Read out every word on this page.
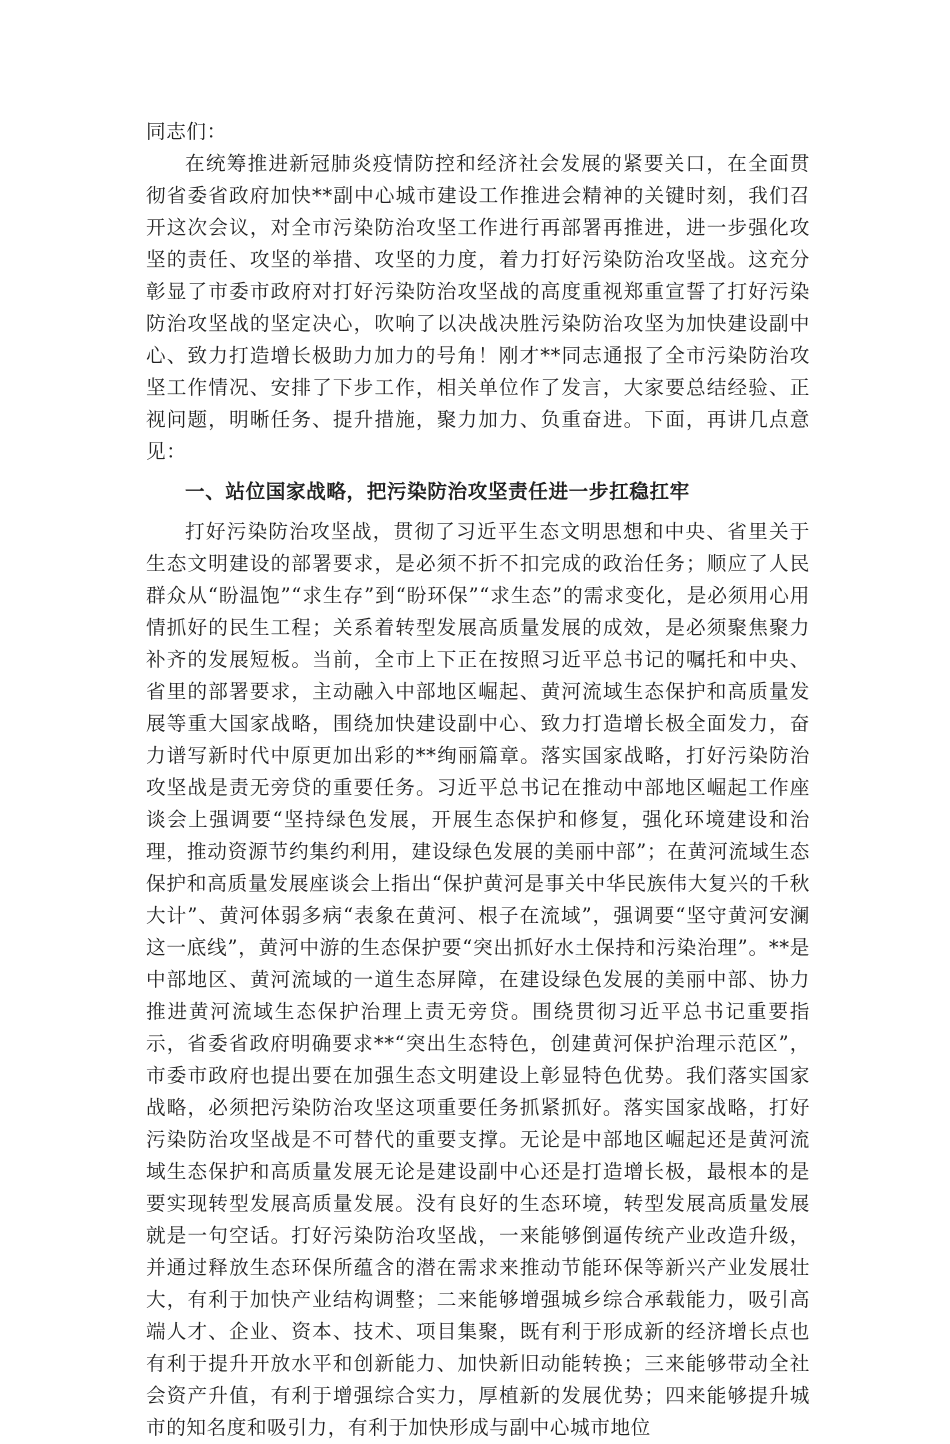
同志们：

在统筹推进新冠肺炎疫情防控和经济社会发展的紧要关口，在全面贯彻省委省政府加快**副中心城市建设工作推进会精神的关键时刻，我们召开这次会议，对全市污染防治攻坚工作进行再部署再推进，进一步强化攻坚的责任、攻坚的举措、攻坚的力度，着力打好污染防治攻坚战。这充分彰显了市委市政府对打好污染防治攻坚战的高度重视郑重宣誓了打好污染防治攻坚战的坚定决心，吹响了以决战决胜污染防治攻坚为加快建设副中心、致力打造增长极助力加力的号角！刚才**同志通报了全市污染防治攻坚工作情况、安排了下步工作，相关单位作了发言，大家要总结经验、正视问题，明晰任务、提升措施，聚力加力、负重奋进。下面，再讲几点意见：

一、站位国家战略，把污染防治攻坚责任进一步扛稳扛牢

打好污染防治攻坚战，贯彻了习近平生态文明思想和中央、省里关于生态文明建设的部署要求，是必须不折不扣完成的政治任务；顺应了人民群众从“盼温饱”“求生存”到“盼环保”“求生态”的需求变化，是必须用心用情抓好的民生工程；关系着转型发展高质量发展的成效，是必须聚焦聚力补齐的发展短板。当前，全市上下正在按照习近平总书记的嘱托和中央、省里的部署要求，主动融入中部地区崛起、黄河流域生态保护和高质量发展等重大国家战略，围绕加快建设副中心、致力打造增长极全面发力，奋力谱写新时代中原更加出彩的**绚丽篇章。落实国家战略，打好污染防治攻坚战是责无旁贷的重要任务。习近平总书记在推动中部地区崛起工作座谈会上强调要“坚持绿色发展，开展生态保护和修复，强化环境建设和治理，推动资源节约集约利用，建设绿色发展的美丽中部”；在黄河流域生态保护和高质量发展座谈会上指出“保护黄河是事关中华民族伟大复兴的千秋大计”、黄河体弱多病“表象在黄河、根子在流域”，强调要“坚守黄河安澜这一底线”，黄河中游的生态保护要“突出抓好水土保持和污染治理”。**是中部地区、黄河流域的一道生态屏障，在建设绿色发展的美丽中部、协力推进黄河流域生态保护治理上责无旁贷。围绕贯彻习近平总书记重要指示，省委省政府明确要求**“突出生态特色，创建黄河保护治理示范区”，市委市政府也提出要在加强生态文明建设上彰显特色优势。我们落实国家战略，必须把污染防治攻坚这项重要任务抓紧抓好。落实国家战略，打好污染防治攻坚战是不可替代的重要支撑。无论是中部地区崛起还是黄河流域生态保护和高质量发展无论是建设副中心还是打造增长极，最根本的是要实现转型发展高质量发展。没有良好的生态环境，转型发展高质量发展就是一句空话。打好污染防治攻坚战，一来能够倒逼传统产业改造升级，并通过释放生态环保所蕴含的潜在需求来推动节能环保等新兴产业发展壮大，有利于加快产业结构调整；二来能够增强城乡综合承载能力，吸引高端人才、企业、资本、技术、项目集聚，既有利于形成新的经济增长点也有利于提升开放水平和创新能力、加快新旧动能转换；三来能够带动全社会资产升值，有利于增强综合实力，厚植新的发展优势；四来能够提升城市的知名度和吸引力，有利于加快形成与副中心城市地位
